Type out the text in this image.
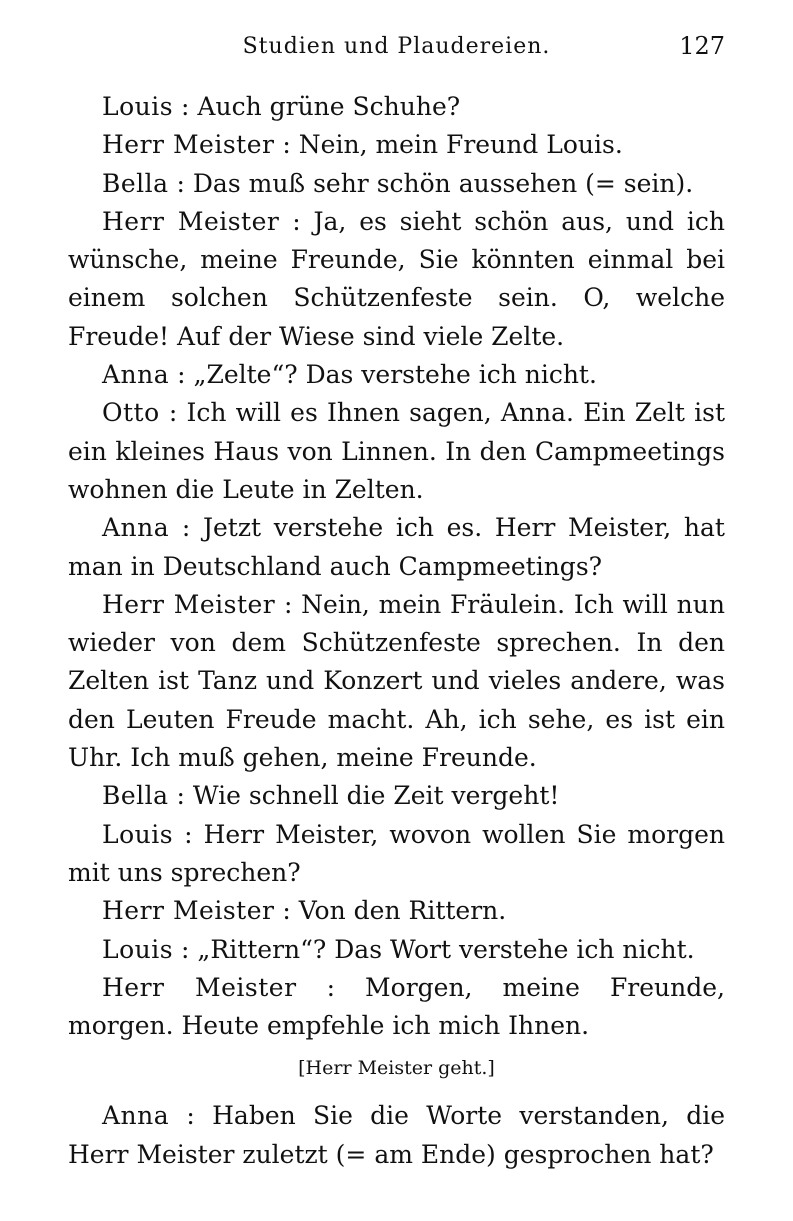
Studien und Plaudereien.	127

Louis : Auch grüne Schuhe?

Herr Meister : Nein, mein Freund Louis.

Bella : Das muß sehr schön aussehen (= sein).

Herr Meister : Ja, es sieht schön aus, und ich wünsche, meine Freunde, Sie könnten einmal bei einem solchen Schützenfeste sein. O, welche Freude! Auf der Wiese sind viele Zelte.

Anna : „Zelte“? Das verstehe ich nicht.

Otto : Ich will es Ihnen sagen, Anna. Ein Zelt ist ein kleines Haus von Linnen. In den Campmeetings wohnen die Leute in Zelten.

Anna : Jetzt verstehe ich es. Herr Meister, hat man in Deutschland auch Campmeetings?

Herr Meister : Nein, mein Fräulein. Ich will nun wieder von dem Schützenfeste sprechen. In den Zelten ist Tanz und Konzert und vieles andere, was den Leuten Freude macht. Ah, ich sehe, es ist ein Uhr. Ich muß gehen, meine Freunde.

Bella : Wie schnell die Zeit vergeht!

Louis : Herr Meister, wovon wollen Sie morgen mit uns sprechen?

Herr Meister : Von den Rittern.

Louis : „Rittern“? Das Wort verstehe ich nicht.

Herr Meister : Morgen, meine Freunde, morgen. Heute empfehle ich mich Ihnen.

[Herr Meister geht.]

Anna : Haben Sie die Worte verstanden, die Herr Meister zuletzt (= am Ende) gesprochen hat?
